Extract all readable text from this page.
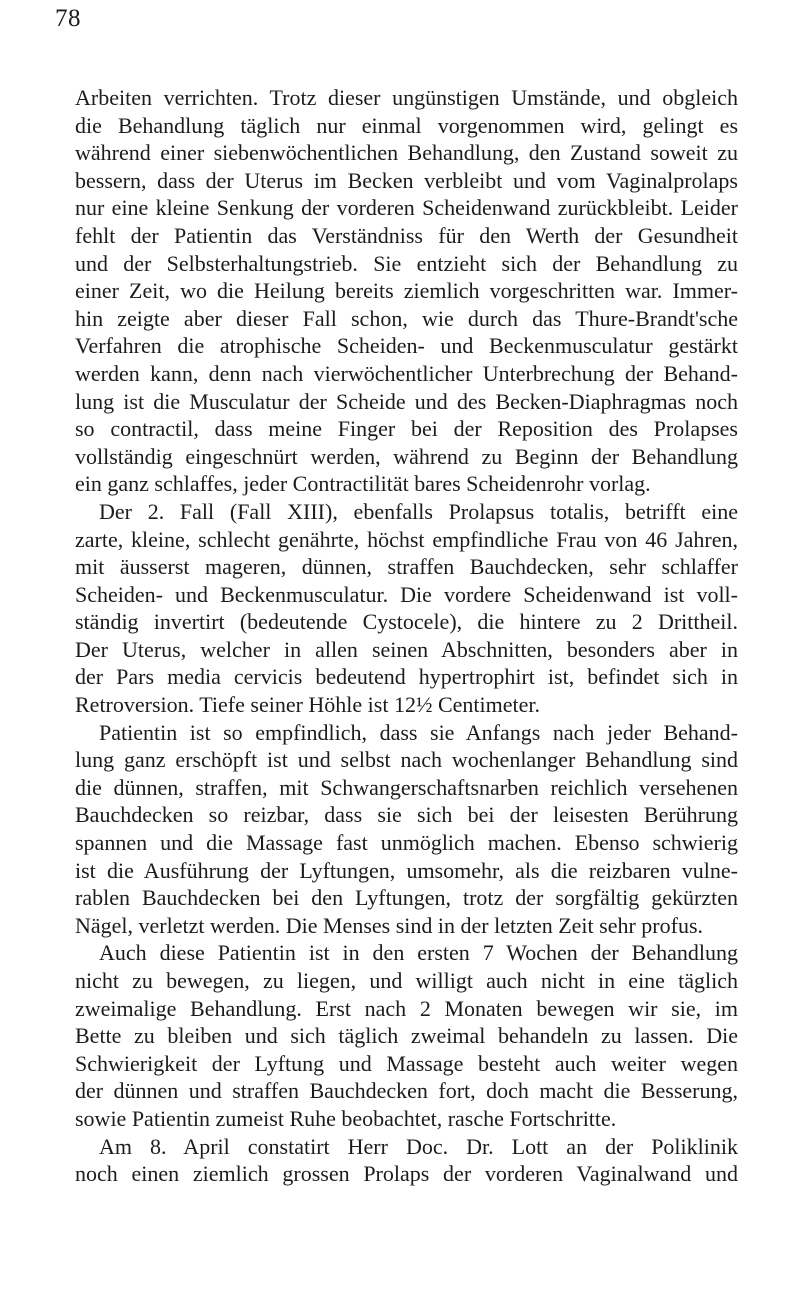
78
Arbeiten verrichten. Trotz dieser ungünstigen Umstände, und obgleich
die Behandlung täglich nur einmal vorgenommen wird, gelingt es
während einer siebenwöchentlichen Behandlung, den Zustand soweit zu
bessern, dass der Uterus im Becken verbleibt und vom Vaginalprolaps
nur eine kleine Senkung der vorderen Scheidenwand zurückbleibt. Leider
fehlt der Patientin das Verständniss für den Werth der Gesundheit
und der Selbsterhaltungstrieb. Sie entzieht sich der Behandlung zu
einer Zeit, wo die Heilung bereits ziemlich vorgeschritten war. Immer-
hin zeigte aber dieser Fall schon, wie durch das Thure-Brandt'sche
Verfahren die atrophische Scheiden- und Beckenmusculatur gestärkt
werden kann, denn nach vierwöchentlicher Unterbrechung der Behand-
lung ist die Musculatur der Scheide und des Becken-Diaphragmas noch
so contractil, dass meine Finger bei der Reposition des Prolapses
vollständig eingeschnürt werden, während zu Beginn der Behandlung
ein ganz schlaffes, jeder Contractilität bares Scheidenrohr vorlag.
Der 2. Fall (Fall XIII), ebenfalls Prolapsus totalis, betrifft eine
zarte, kleine, schlecht genährte, höchst empfindliche Frau von 46 Jahren,
mit äusserst mageren, dünnen, straffen Bauchdecken, sehr schlaffer
Scheiden- und Beckenmusculatur. Die vordere Scheidenwand ist voll-
ständig invertirt (bedeutende Cystocele), die hintere zu 2 Drittheil.
Der Uterus, welcher in allen seinen Abschnitten, besonders aber in
der Pars media cervicis bedeutend hypertrophirt ist, befindet sich in
Retroversion. Tiefe seiner Höhle ist 12½ Centimeter.
Patientin ist so empfindlich, dass sie Anfangs nach jeder Behand-
lung ganz erschöpft ist und selbst nach wochenlanger Behandlung sind
die dünnen, straffen, mit Schwangerschaftsnarben reichlich versehenen
Bauchdecken so reizbar, dass sie sich bei der leisesten Berührung
spannen und die Massage fast unmöglich machen. Ebenso schwierig
ist die Ausführung der Lyftungen, umsomehr, als die reizbaren vulne-
rablen Bauchdecken bei den Lyftungen, trotz der sorgfältig gekürzten
Nägel, verletzt werden. Die Menses sind in der letzten Zeit sehr profus.
Auch diese Patientin ist in den ersten 7 Wochen der Behandlung
nicht zu bewegen, zu liegen, und willigt auch nicht in eine täglich
zweimalige Behandlung. Erst nach 2 Monaten bewegen wir sie, im
Bette zu bleiben und sich täglich zweimal behandeln zu lassen. Die
Schwierigkeit der Lyftung und Massage besteht auch weiter wegen
der dünnen und straffen Bauchdecken fort, doch macht die Besserung,
sowie Patientin zumeist Ruhe beobachtet, rasche Fortschritte.
Am 8. April constatirt Herr Doc. Dr. Lott an der Poliklinik
noch einen ziemlich grossen Prolaps der vorderen Vaginalwand und
